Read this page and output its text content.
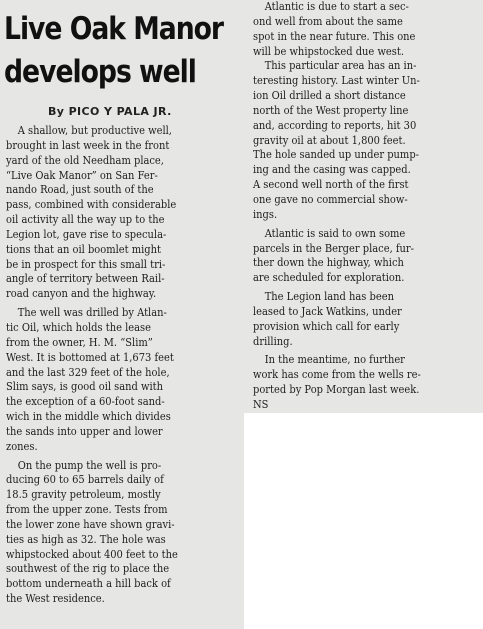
Live Oak Manor
develops well
By PICO Y PALA JR.
A shallow, but productive well,
brought in last week in the front
yard of the old Needham place,
“Live Oak Manor” on San Fer-
nando Road, just south of the
pass, combined with considerable
oil activity all the way up to the
Legion lot, gave rise to specula-
tions that an oil boomlet might
be in prospect for this small tri-
angle of territory between Rail-
road canyon and the highway.
The well was drilled by Atlan-
tic Oil, which holds the lease
from the owner, H. M. “Slim”
West. It is bottomed at 1,673 feet
and the last 329 feet of the hole,
Slim says, is good oil sand with
the exception of a 60-foot sand-
wich in the middle which divides
the sands into upper and lower
zones.
On the pump the well is pro-
ducing 60 to 65 barrels daily of
18.5 gravity petroleum, mostly
from the upper zone. Tests from
the lower zone have shown gravi-
ties as high as 32. The hole was
whipstocked about 400 feet to the
southwest of the rig to place the
bottom underneath a hill back of
the West residence.
Atlantic is due to start a sec-
ond well from about the same
spot in the near future. This one
will be whipstocked due west.
This particular area has an in-
teresting history. Last winter Un-
ion Oil drilled a short distance
north of the West property line
and, according to reports, hit 30
gravity oil at about 1,800 feet.
The hole sanded up under pump-
ing and the casing was capped.
A second well north of the first
one gave no commercial show-
ings.
Atlantic is said to own some
parcels in the Berger place, fur-
ther down the highway, which
are scheduled for exploration.
The Legion land has been
leased to Jack Watkins, under
provision which call for early
drilling.
In the meantime, no further
work has come from the wells re-
ported by Pop Morgan last week.
NS
